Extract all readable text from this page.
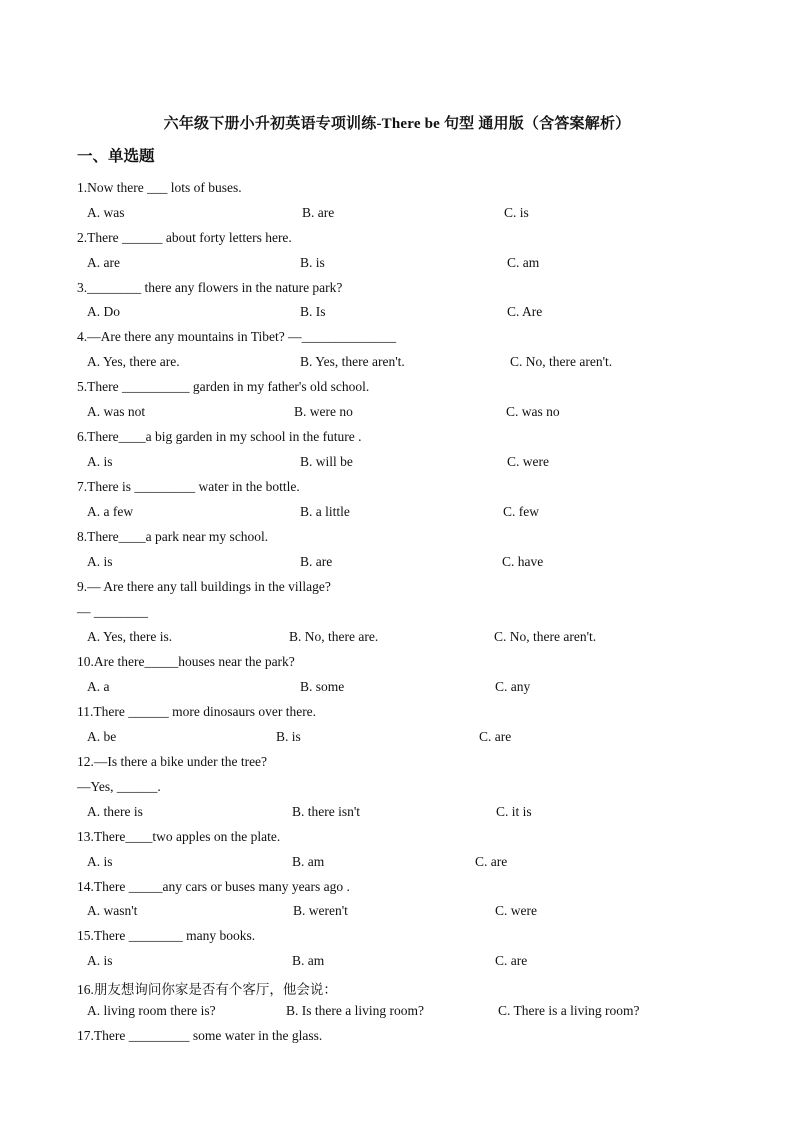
六年级下册小升初英语专项训练-There be 句型 通用版（含答案解析）
一、单选题
1.Now there ___ lots of buses.
A. was	B. are	C. is
2.There ______ about forty letters here.
A. are	B. is	C. am
3.________ there any flowers in the nature park?
A. Do	B. Is	C. Are
4.—Are there any mountains in Tibet? —______________
A. Yes, there are.	B. Yes, there aren't.	C. No, there aren't.
5.There __________ garden in my father's old school.
A. was not	B. were no	C. was no
6.There____a big garden in my school in the future .
A. is	B. will be	C. were
7.There is _________ water in the bottle.
A. a few	B. a little	C. few
8.There____a park near my school.
A. is	B. are	C. have
9.— Are there any tall buildings in the village?
— ________
A. Yes, there is.	B. No, there are.	C. No, there aren't.
10.Are there_____houses near the park?
A. a	B. some	C. any
11.There ______ more dinosaurs over there.
A. be	B. is	C. are
12.—Is there a bike under the tree?
—Yes, ______.
A. there is	B. there isn't	C. it is
13.There____two apples on the plate.
A. is	B. am	C. are
14.There _____any cars or buses many years ago .
A. wasn't	B. weren't	C. were
15.There ________ many books.
A. is	B. am	C. are
16.朋友想询问你家是否有个客厅，他会说：
A. living room there is?	B. Is there a living room?	C. There is a living room?
17.There _________ some water in the glass.
